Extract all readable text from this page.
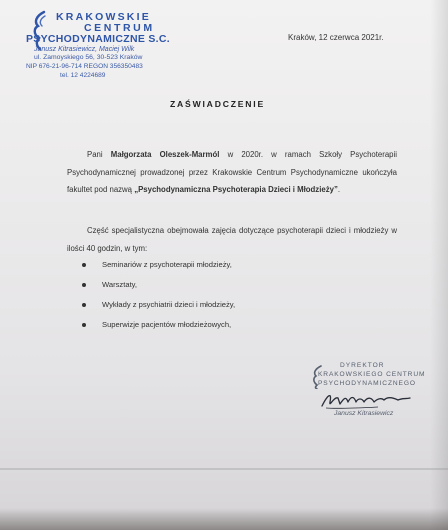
KRAKOWSKIE
CENTRUM
PSYCHODYNAMICZNE S.C.
Janusz Kitrasiewicz, Maciej Wilk
ul. Zamoyskiego 56, 30-523 Kraków
NIP 676-21-96-714 REGON 356350483
tel. 12 4224689
Kraków, 12 czerwca 2021r.
ZAŚWIADCZENIE

Pani Małgorzata Oleszek-Marmól w 2020r. w ramach Szkoły Psychoterapii Psychodynamicznej prowadzonej przez Krakowskie Centrum Psychodynamiczne ukończyła fakultet pod nazwą „Psychodynamiczna Psychoterapia Dzieci i Młodzieży”.

Część specjalistyczna obejmowała zajęcia dotyczące psychoterapii dzieci i młodzieży w ilości 40 godzin, w tym:

Seminariów z psychoterapii młodzieży,
Warsztaty,
Wykłady z psychiatrii dzieci i młodzieży,
Superwizje pacjentów młodzieżowych,
DYREKTOR
KRAKOWSKIEGO CENTRUM
PSYCHODYNAMICZNEGO
Janusz Kitrasiewicz
